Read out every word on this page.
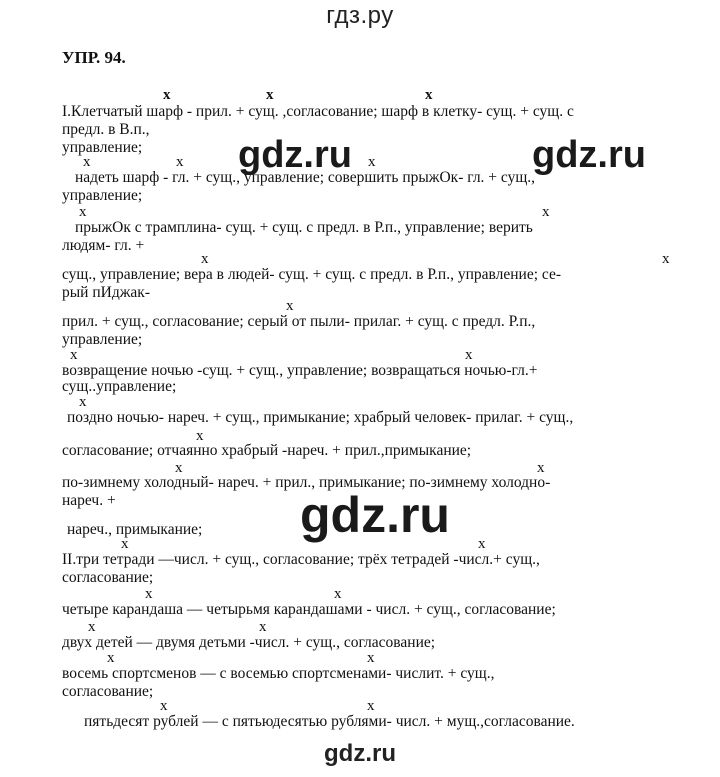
гдз.ру
УПР. 94.
x	x	x
x	x	x
x	x
x	x
x
x	x
x
x
x	x
x	x
x	x
x	x
x	x
x	x
I.Клетчатый шарф - прил. + сущ. ,согласование; шарф в клетку- сущ. + сущ. с
предл. в В.п.,
управление;
надеть шарф - гл. + сущ., управление; совершить прыжОк- гл. + сущ.,
управление;
прыжОк с трамплина- сущ. + сущ. с предл. в Р.п., управление; верить
людям- гл. +
сущ., управление; вера в людей- сущ. + сущ. с предл. в Р.п., управление; се-
рый пИджак-
прил. + сущ., согласование; серый от пыли- прилаг. + сущ. с предл. Р.п.,
управление;
возвращение ночью -сущ. + сущ., управление; возвращаться ночью-гл.+
сущ..управление;
поздно ночью- нареч. + сущ., примыкание; храбрый человек- прилаг. + сущ.,
согласование; отчаянно храбрый -нареч. + прил.,примыкание;
по-зимнему холодный- нареч. + прил., примыкание; по-зимнему холодно-
нареч. +
нареч., примыкание;
II.три тетради —числ. + сущ., согласование; трёх тетрадей -числ.+ сущ.,
согласование;
четыре карандаша — четырьмя карандашами - числ. + сущ., согласование;
двух детей — двумя детьми -числ. + сущ., согласование;
восемь спортсменов — с восемью спортсменами- числит. + сущ.,
согласование;
пятьдесят рублей — с пятьюдесятью рублями- числ. + мущ.,согласование.
gdz.ru	gdz.ru
gdz.ru
gdz.ru
